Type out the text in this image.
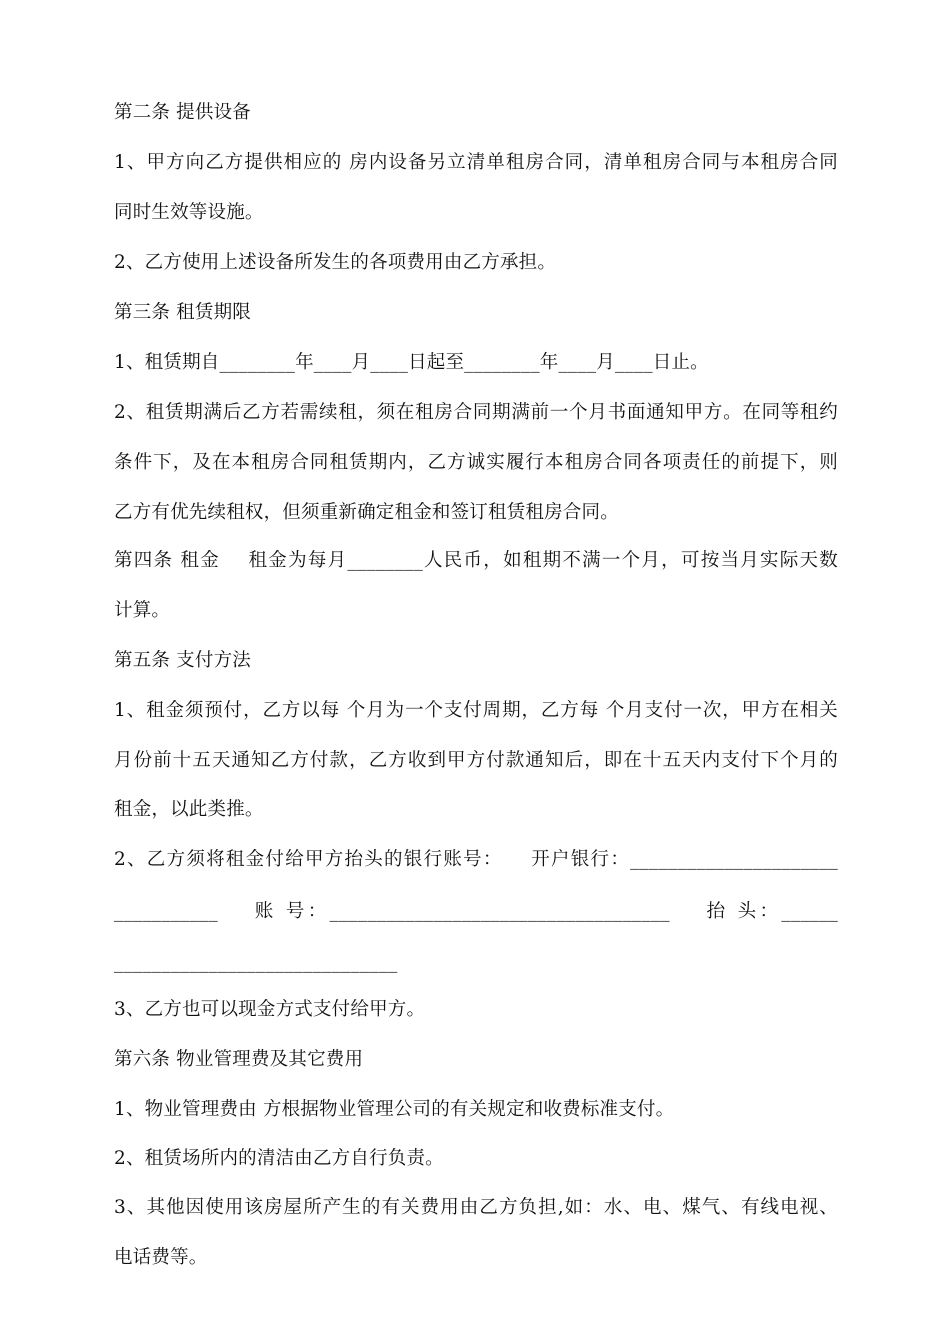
第二条 提供设备
1、甲方向乙方提供相应的 房内设备另立清单租房合同，清单租房合同与本租房合同
同时生效等设施。
2、乙方使用上述设备所发生的各项费用由乙方承担。
第三条 租赁期限
1、租赁期自________年____月____日起至________年____月____日止。
2、租赁期满后乙方若需续租，须在租房合同期满前一个月书面通知甲方。在同等租约
条件下，及在本租房合同租赁期内，乙方诚实履行本租房合同各项责任的前提下，则
乙方有优先续租权，但须重新确定租金和签订租赁租房合同。
第四条 租金    租金为每月________人民币，如租期不满一个月，可按当月实际天数
计算。
第五条 支付方法
1、租金须预付，乙方以每 个月为一个支付周期，乙方每 个月支付一次，甲方在相关
月份前十五天通知乙方付款，乙方收到甲方付款通知后，即在十五天内支付下个月的
租金，以此类推。
2、乙方须将租金付给甲方抬头的银行账号：    开户银行：______________________
___________    账 号：____________________________________    抬 头：______
______________________________
3、乙方也可以现金方式支付给甲方。
第六条 物业管理费及其它费用
1、物业管理费由 方根据物业管理公司的有关规定和收费标准支付。
2、租赁场所内的清洁由乙方自行负责。
3、其他因使用该房屋所产生的有关费用由乙方负担,如：水、电、煤气、有线电视、
电话费等。
